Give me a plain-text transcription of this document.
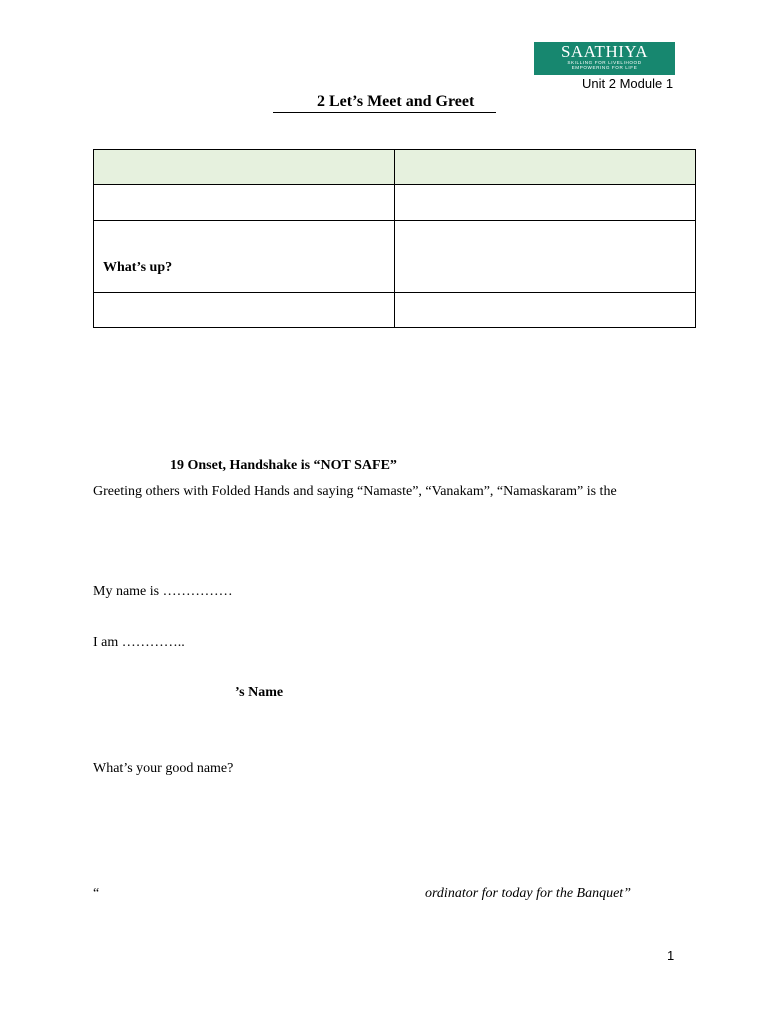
SAATHIYA
SKILLING FOR LIVELIHOOD
EMPOWERING FOR LIFE
Unit 2 Module 1
2 Let’s Meet and Greet

What’s up?	

19 Onset, Handshake is “NOT SAFE”
Greeting others with Folded Hands and saying “Namaste”, “Vanakam”, “Namaskaram” is the
My name is ……………
I am …………..
’s Name
What’s your good name?
“	ordinator for today for the Banquet”
1
